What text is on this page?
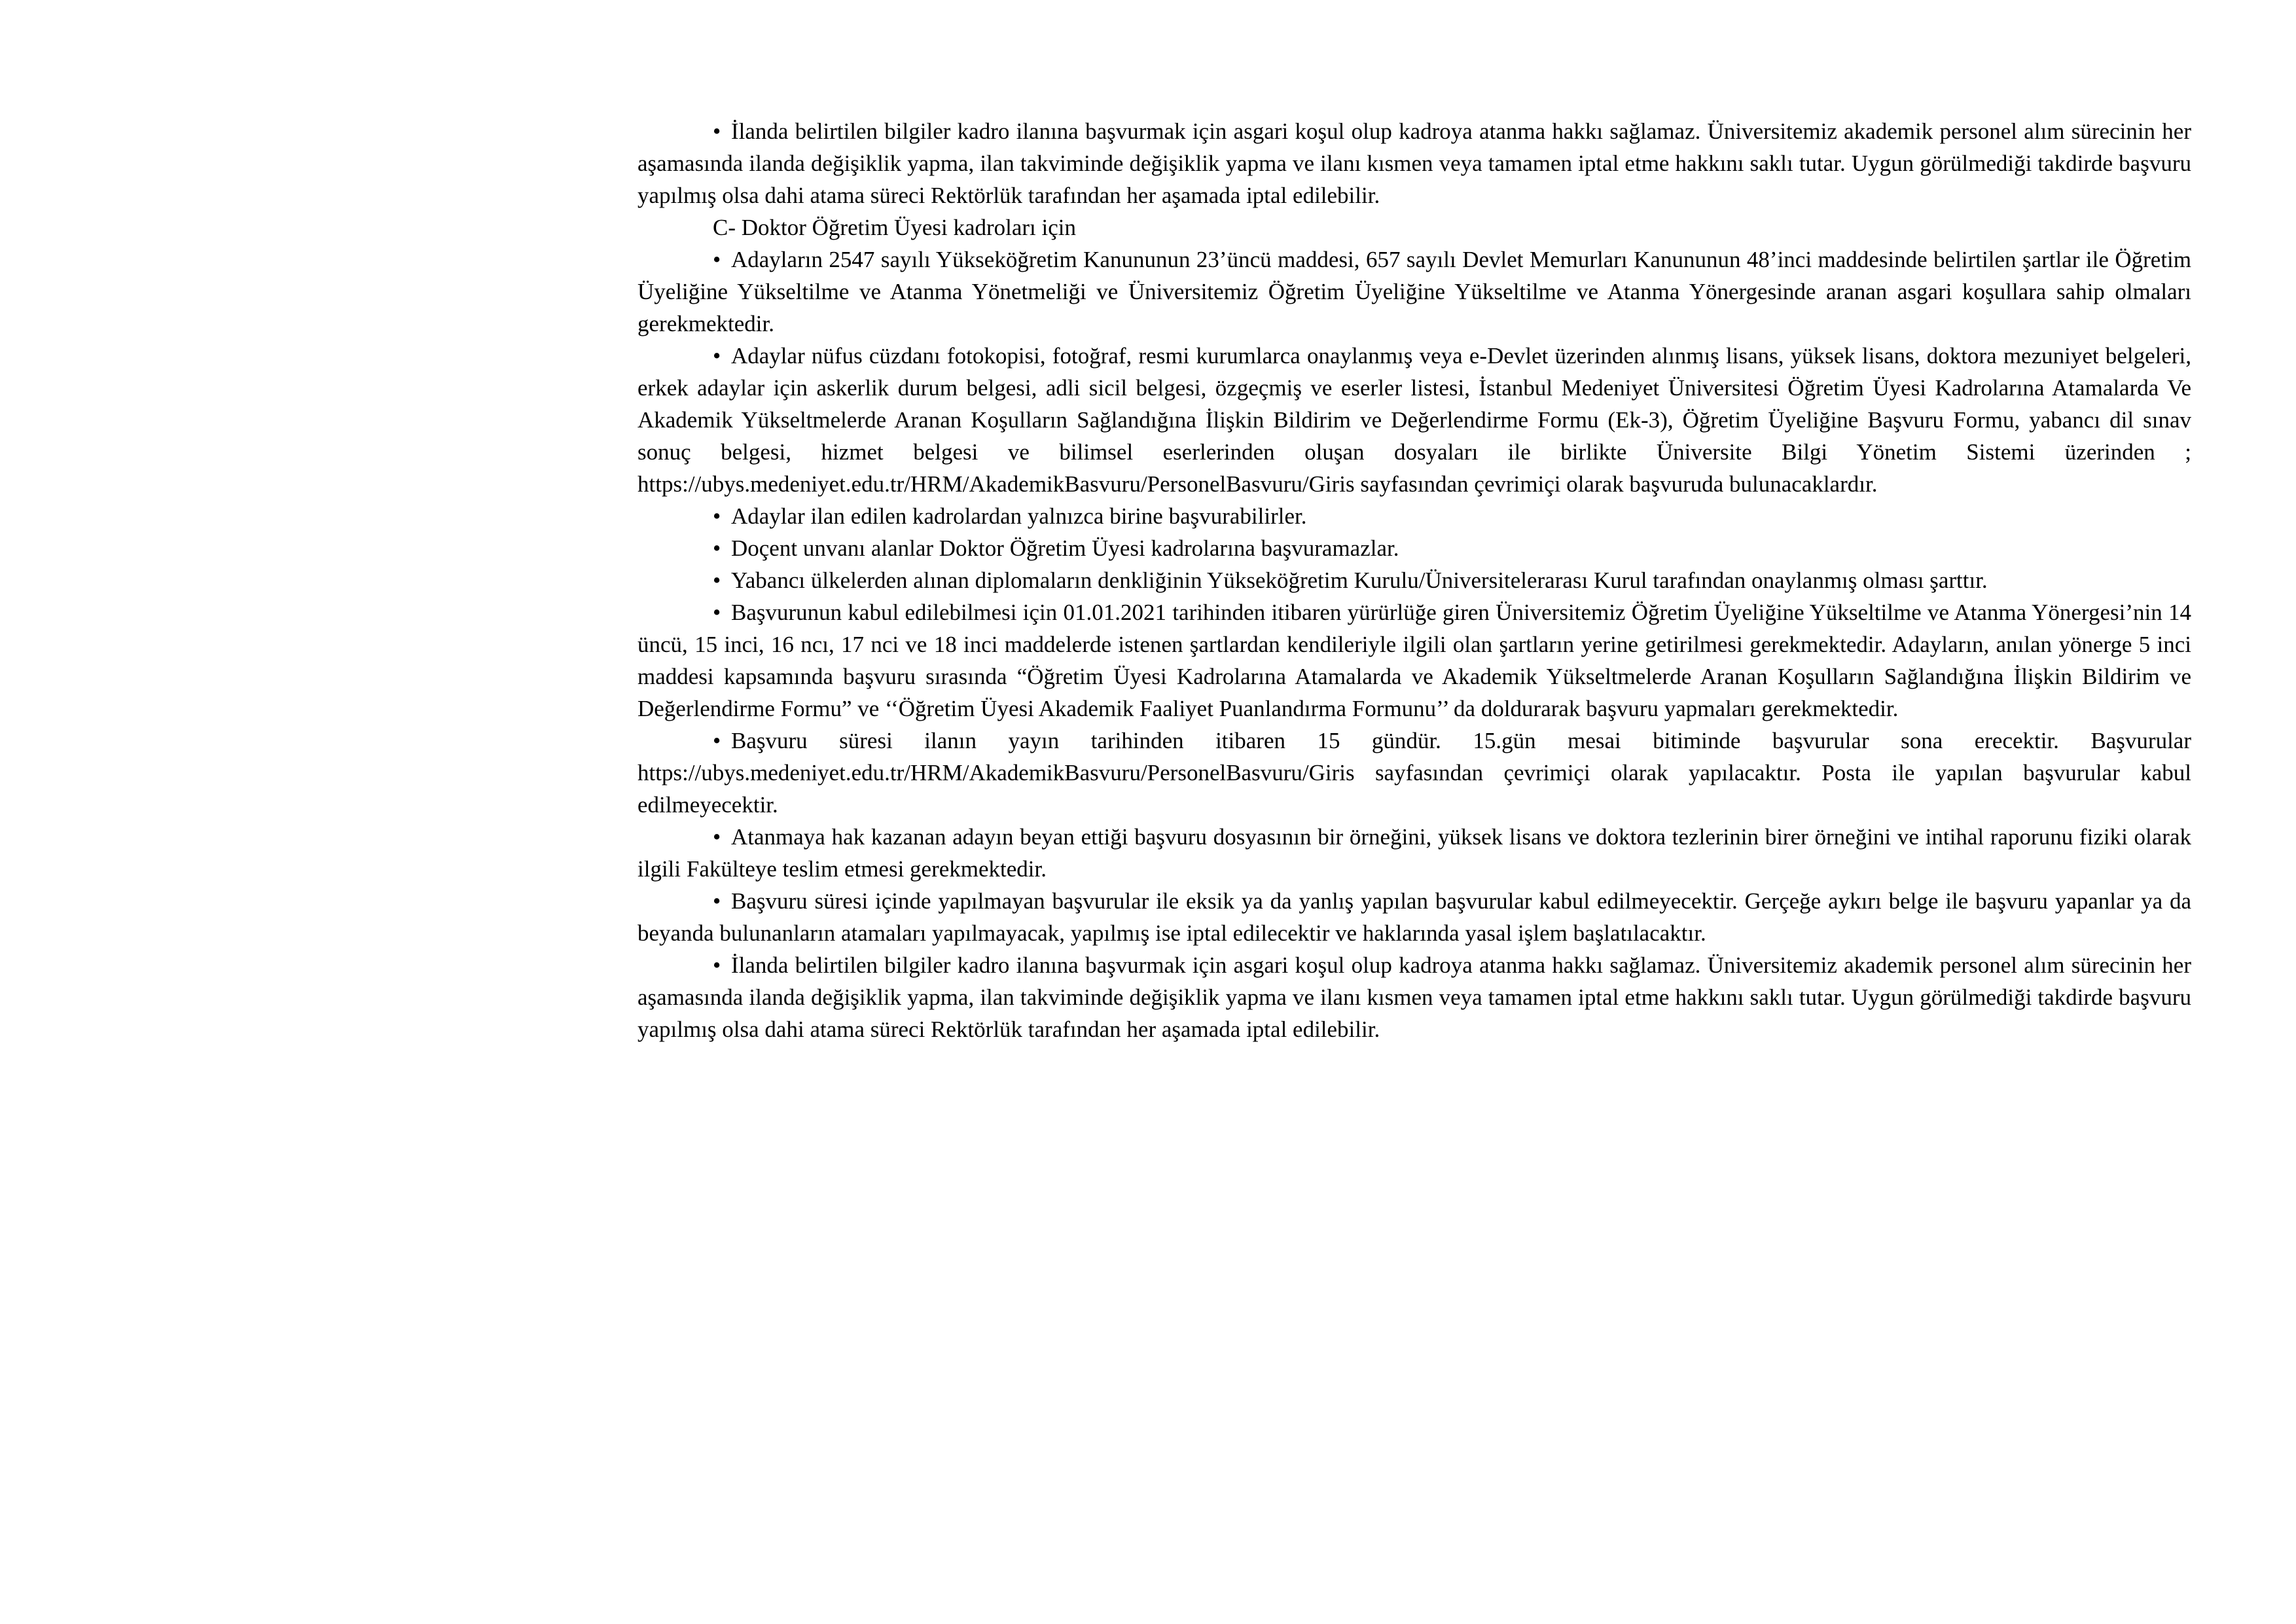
• İlanda belirtilen bilgiler kadro ilanına başvurmak için asgari koşul olup kadroya atanma hakkı sağlamaz. Üniversitemiz akademik personel alım sürecinin her aşamasında ilanda değişiklik yapma, ilan takviminde değişiklik yapma ve ilanı kısmen veya tamamen iptal etme hakkını saklı tutar. Uygun görülmediği takdirde başvuru yapılmış olsa dahi atama süreci Rektörlük tarafından her aşamada iptal edilebilir.

C- Doktor Öğretim Üyesi kadroları için

• Adayların 2547 sayılı Yükseköğretim Kanununun 23’üncü maddesi, 657 sayılı Devlet Memurları Kanununun 48’inci maddesinde belirtilen şartlar ile Öğretim Üyeliğine Yükseltilme ve Atanma Yönetmeliği ve Üniversitemiz Öğretim Üyeliğine Yükseltilme ve Atanma Yönergesinde aranan asgari koşullara sahip olmaları gerekmektedir.

• Adaylar nüfus cüzdanı fotokopisi, fotoğraf, resmi kurumlarca onaylanmış veya e-Devlet üzerinden alınmış lisans, yüksek lisans, doktora mezuniyet belgeleri, erkek adaylar için askerlik durum belgesi, adli sicil belgesi, özgeçmiş ve eserler listesi, İstanbul Medeniyet Üniversitesi Öğretim Üyesi Kadrolarına Atamalarda Ve Akademik Yükseltmelerde Aranan Koşulların Sağlandığına İlişkin Bildirim ve Değerlendirme Formu (Ek-3), Öğretim Üyeliğine Başvuru Formu, yabancı dil sınav sonuç belgesi, hizmet belgesi ve bilimsel eserlerinden oluşan dosyaları ile birlikte Üniversite Bilgi Yönetim Sistemi üzerinden ; https://ubys.medeniyet.edu.tr/HRM/AkademikBasvuru/PersonelBasvuru/Giris sayfasından çevrimiçi olarak başvuruda bulunacaklardır.

• Adaylar ilan edilen kadrolardan yalnızca birine başvurabilirler.

• Doçent unvanı alanlar Doktor Öğretim Üyesi kadrolarına başvuramazlar.

• Yabancı ülkelerden alınan diplomaların denkliğinin Yükseköğretim Kurulu/Üniversitelerarası Kurul tarafından onaylanmış olması şarttır.

• Başvurunun kabul edilebilmesi için 01.01.2021 tarihinden itibaren yürürlüğe giren Üniversitemiz Öğretim Üyeliğine Yükseltilme ve Atanma Yönergesi’nin 14 üncü, 15 inci, 16 ncı, 17 nci ve 18 inci maddelerde istenen şartlardan kendileriyle ilgili olan şartların yerine getirilmesi gerekmektedir. Adayların, anılan yönerge 5 inci maddesi kapsamında başvuru sırasında “Öğretim Üyesi Kadrolarına Atamalarda ve Akademik Yükseltmelerde Aranan Koşulların Sağlandığına İlişkin Bildirim ve Değerlendirme Formu” ve ‘‘Öğretim Üyesi Akademik Faaliyet Puanlandırma Formunu’’ da doldurarak başvuru yapmaları gerekmektedir.

• Başvuru süresi ilanın yayın tarihinden itibaren 15 gündür. 15.gün mesai bitiminde başvurular sona erecektir. Başvurular https://ubys.medeniyet.edu.tr/HRM/AkademikBasvuru/PersonelBasvuru/Giris sayfasından çevrimiçi olarak yapılacaktır. Posta ile yapılan başvurular kabul edilmeyecektir.

• Atanmaya hak kazanan adayın beyan ettiği başvuru dosyasının bir örneğini, yüksek lisans ve doktora tezlerinin birer örneğini ve intihal raporunu fiziki olarak ilgili Fakülteye teslim etmesi gerekmektedir.

• Başvuru süresi içinde yapılmayan başvurular ile eksik ya da yanlış yapılan başvurular kabul edilmeyecektir. Gerçeğe aykırı belge ile başvuru yapanlar ya da beyanda bulunanların atamaları yapılmayacak, yapılmış ise iptal edilecektir ve haklarında yasal işlem başlatılacaktır.

• İlanda belirtilen bilgiler kadro ilanına başvurmak için asgari koşul olup kadroya atanma hakkı sağlamaz. Üniversitemiz akademik personel alım sürecinin her aşamasında ilanda değişiklik yapma, ilan takviminde değişiklik yapma ve ilanı kısmen veya tamamen iptal etme hakkını saklı tutar. Uygun görülmediği takdirde başvuru yapılmış olsa dahi atama süreci Rektörlük tarafından her aşamada iptal edilebilir.
